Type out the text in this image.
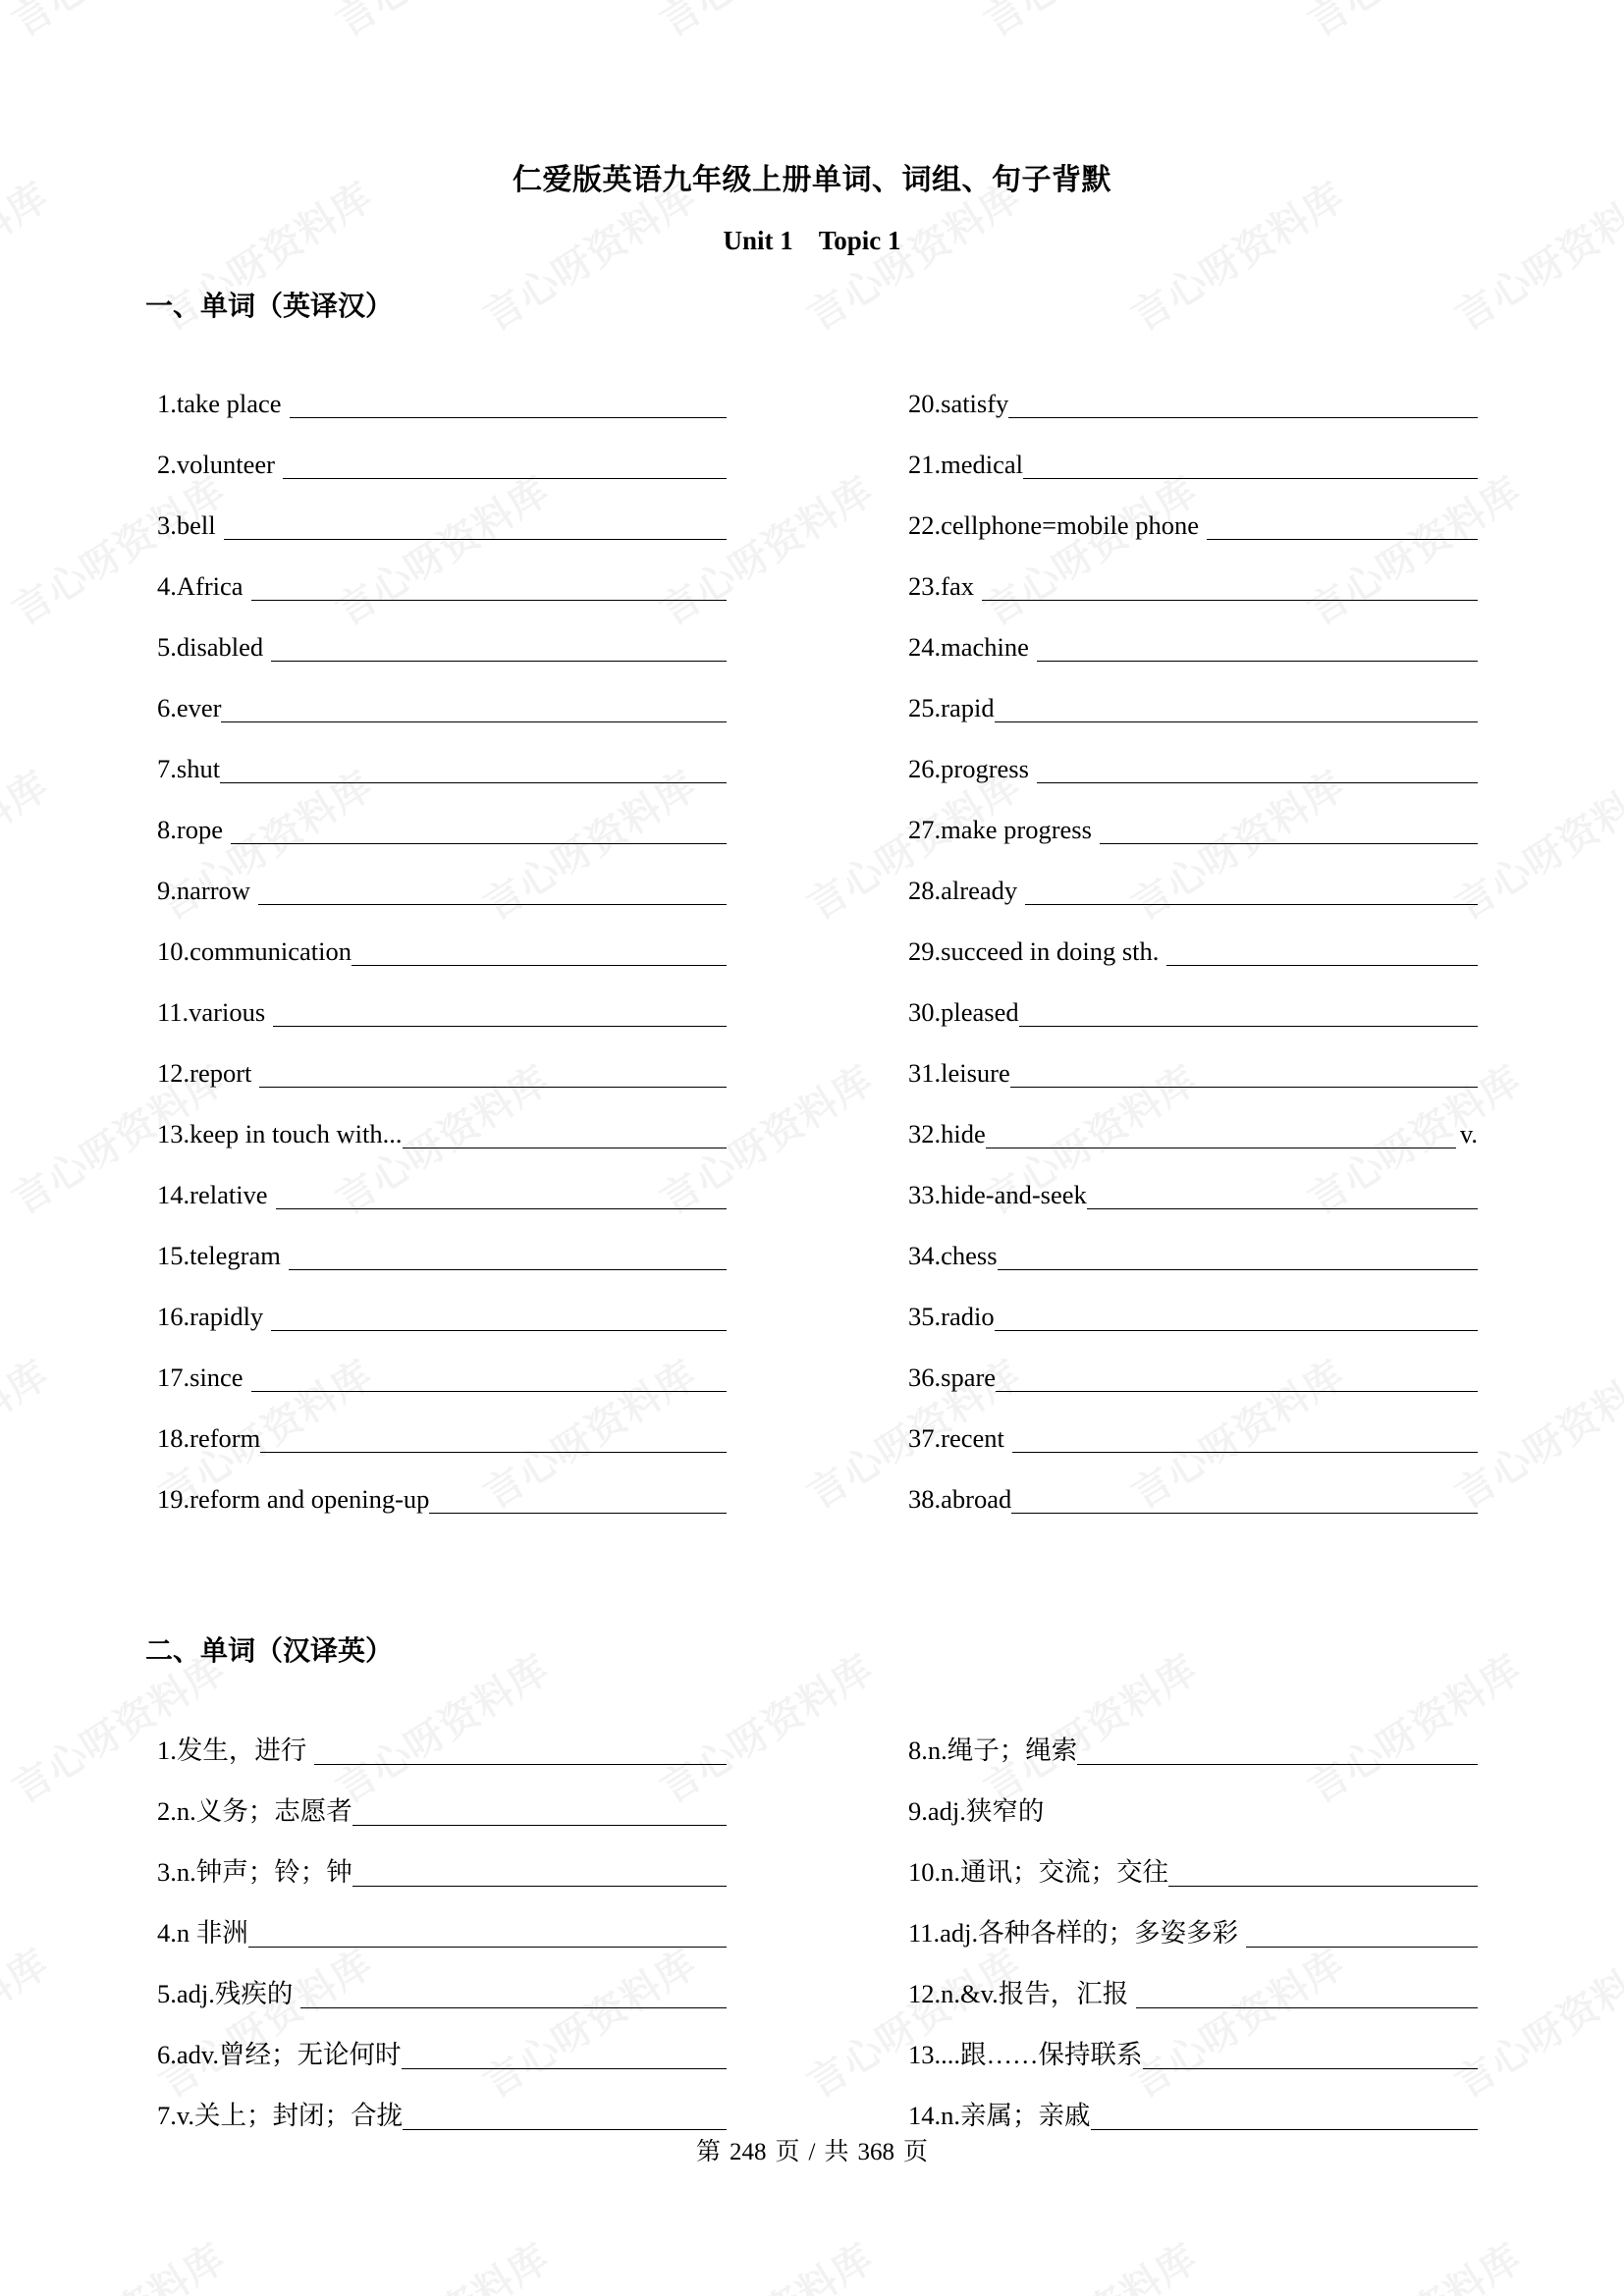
仁爱版英语九年级上册单词、词组、句子背默
Unit 1 Topic 1
一、单词（英译汉）
1.take place
2.volunteer
3.bell
4.Africa
5.disabled
6.ever
7.shut
8.rope
9.narrow
10.communication
11.various
12.report
13.keep in touch with...
14.relative
15.telegram
16.rapidly
17.since
18.reform
19.reform and opening-up
20.satisfy
21.medical
22.cellphone=mobile phone
23.fax
24.machine
25.rapid
26.progress
27.make progress
28.already
29.succeed in doing sth.
30.pleased
31.leisure
32.hide	v.
33.hide-and-seek
34.chess
35.radio
36.spare
37.recent
38.abroad
二、单词（汉译英）
1.发生，进行
2.n.义务；志愿者
3.n.钟声；铃；钟
4.n 非洲
5.adj.残疾的
6.adv.曾经；无论何时
7.v.关上；封闭；合拢
8.n.绳子；绳索
9.adj.狭窄的
10.n.通讯；交流；交往
11.adj.各种各样的；多姿多彩
12.n.&v.报告，汇报
13....跟……保持联系
14.n.亲属；亲戚
第 248 页 / 共 368 页
